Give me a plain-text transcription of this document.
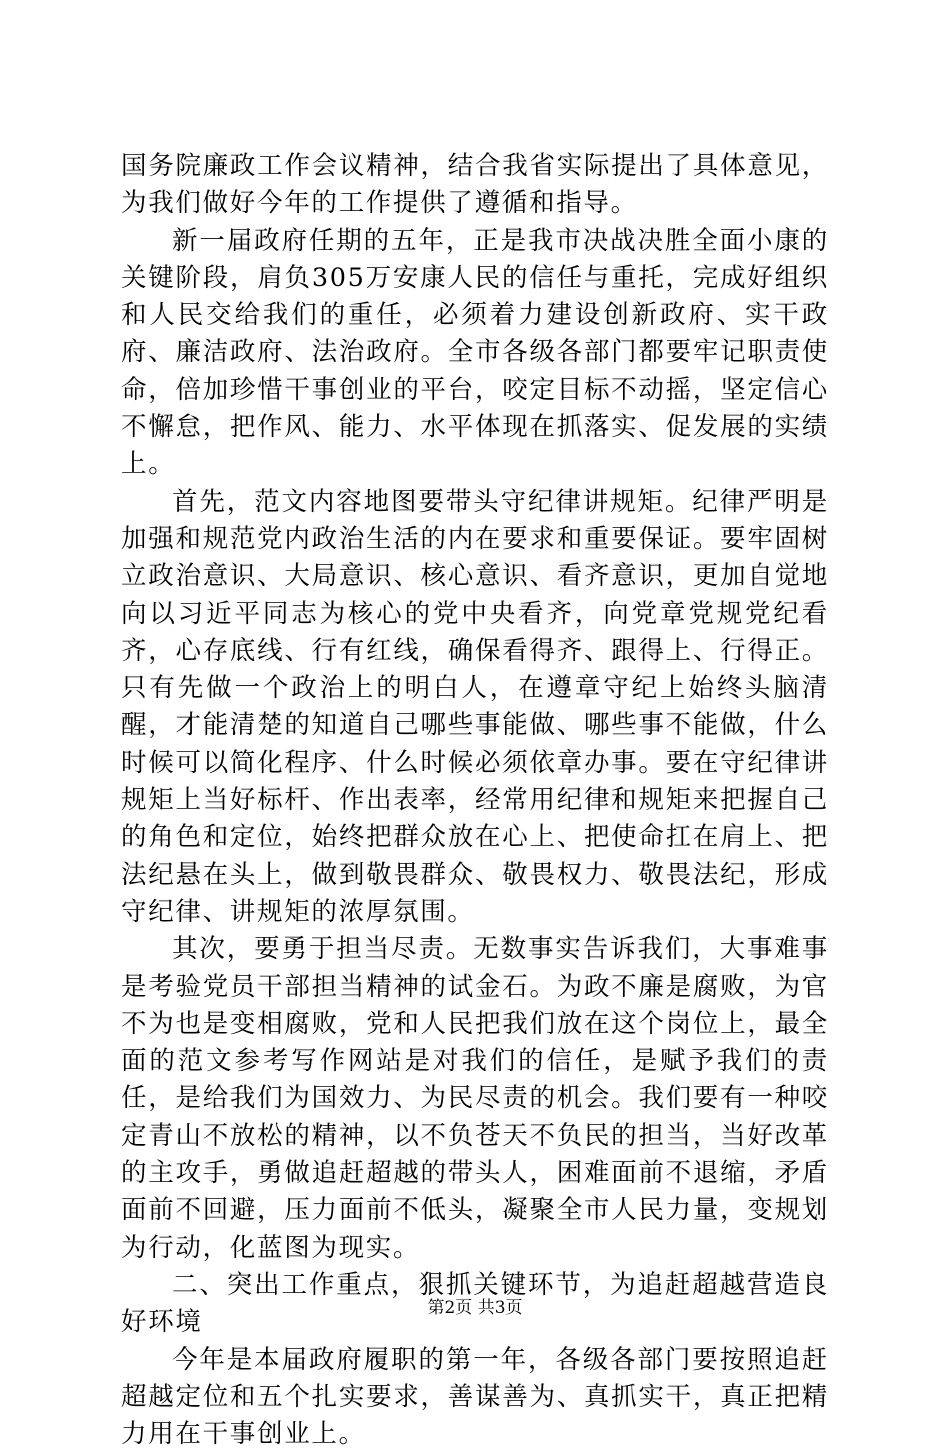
国务院廉政工作会议精神，结合我省实际提出了具体意见，为我们做好今年的工作提供了遵循和指导。

新一届政府任期的五年，正是我市决战决胜全面小康的关键阶段，肩负305万安康人民的信任与重托，完成好组织和人民交给我们的重任，必须着力建设创新政府、实干政府、廉洁政府、法治政府。全市各级各部门都要牢记职责使命，倍加珍惜干事创业的平台，咬定目标不动摇，坚定信心不懈怠，把作风、能力、水平体现在抓落实、促发展的实绩上。

首先，范文内容地图要带头守纪律讲规矩。纪律严明是加强和规范党内政治生活的内在要求和重要保证。要牢固树立政治意识、大局意识、核心意识、看齐意识，更加自觉地向以习近平同志为核心的党中央看齐，向党章党规党纪看齐，心存底线、行有红线，确保看得齐、跟得上、行得正。只有先做一个政治上的明白人，在遵章守纪上始终头脑清醒，才能清楚的知道自己哪些事能做、哪些事不能做，什么时候可以简化程序、什么时候必须依章办事。要在守纪律讲规矩上当好标杆、作出表率，经常用纪律和规矩来把握自己的角色和定位，始终把群众放在心上、把使命扛在肩上、把法纪悬在头上，做到敬畏群众、敬畏权力、敬畏法纪，形成守纪律、讲规矩的浓厚氛围。

其次，要勇于担当尽责。无数事实告诉我们，大事难事是考验党员干部担当精神的试金石。为政不廉是腐败，为官不为也是变相腐败，党和人民把我们放在这个岗位上，最全面的范文参考写作网站是对我们的信任，是赋予我们的责任，是给我们为国效力、为民尽责的机会。我们要有一种咬定青山不放松的精神，以不负苍天不负民的担当，当好改革的主攻手，勇做追赶超越的带头人，困难面前不退缩，矛盾面前不回避，压力面前不低头，凝聚全市人民力量，变规划为行动，化蓝图为现实。

二、突出工作重点，狠抓关键环节，为追赶超越营造良好环境

今年是本届政府履职的第一年，各级各部门要按照追赶超越定位和五个扎实要求，善谋善为、真抓实干，真正把精力用在干事创业上。

第2页 共3页
